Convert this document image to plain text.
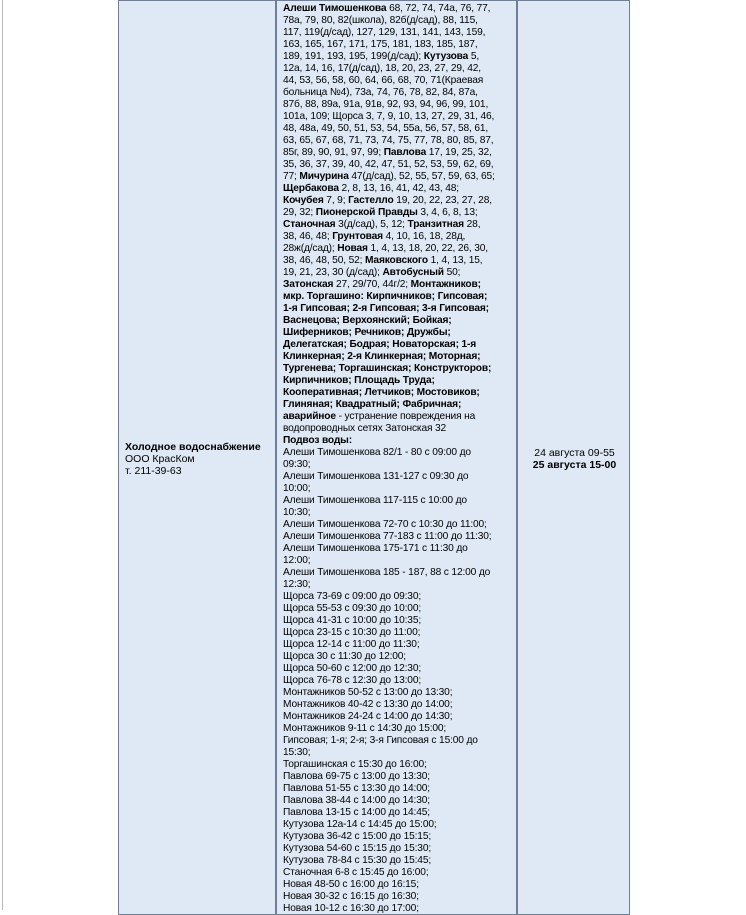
Холодное водоснабжение
ООО КрасКом
т. 211-39-63
Алеши Тимошенкова 68, 72, 74, 74а, 76, 77,
78а, 79, 80, 82(школа), 82б(д/сад), 88, 115,
117, 119(д/сад), 127, 129, 131, 141, 143, 159,
163, 165, 167, 171, 175, 181, 183, 185, 187,
189, 191, 193, 195, 199(д/сад); Кутузова 5,
12а, 14, 16, 17(д/сад), 18, 20, 23, 27, 29, 42,
44, 53, 56, 58, 60, 64, 66, 68, 70, 71(Краевая
больница №4), 73а, 74, 76, 78, 82, 84, 87а,
87б, 88, 89а, 91а, 91в, 92, 93, 94, 96, 99, 101,
101а, 109; Щорса 3, 7, 9, 10, 13, 27, 29, 31, 46,
48, 48а, 49, 50, 51, 53, 54, 55а, 56, 57, 58, 61,
63, 65, 67, 68, 71, 73, 74, 75, 77, 78, 80, 85, 87,
85г, 89, 90, 91, 97, 99; Павлова 17, 19, 25, 32,
35, 36, 37, 39, 40, 42, 47, 51, 52, 53, 59, 62, 69,
77; Мичурина 47(д/сад), 52, 55, 57, 59, 63, 65;
Щербакова 2, 8, 13, 16, 41, 42, 43, 48;
Кочубея 7, 9; Гастелло 19, 20, 22, 23, 27, 28,
29, 32; Пионерской Правды 3, 4, 6, 8, 13;
Станочная 3(д/сад), 5, 12; Транзитная 28,
38, 46, 48; Грунтовая 4, 10, 16, 18, 28д,
28ж(д/сад); Новая 1, 4, 13, 18, 20, 22, 26, 30,
38, 46, 48, 50, 52; Маяковского 1, 4, 13, 15,
19, 21, 23, 30 (д/сад); Автобусный 50;
Затонская 27, 29/70, 44г/2; Монтажников;
мкр. Торгашино: Кирпичников; Гипсовая;
1-я Гипсовая; 2-я Гипсовая; 3-я Гипсовая;
Васнецова; Верхоянский; Бойкая;
Шиферников; Речников; Дружбы;
Делегатская; Бодрая; Новаторская; 1-я
Клинкерная; 2-я Клинкерная; Моторная;
Тургенева; Торгашинская; Конструкторов;
Кирпичников; Площадь Труда;
Кооперативная; Летчиков; Мостовиков;
Глиняная; Квадратный; Фабричная;
аварийное - устранение повреждения на
водопроводных сетях Затонская 32
Подвоз воды:
Алеши Тимошенкова 82/1 - 80 с 09:00 до
09:30;
Алеши Тимошенкова 131-127 с 09:30 до
10:00;
Алеши Тимошенкова 117-115 с 10:00 до
10:30;
Алеши Тимошенкова 72-70 с 10:30 до 11:00;
Алеши Тимошенкова 77-183 с 11:00 до 11:30;
Алеши Тимошенкова 175-171 с 11:30 до
12:00;
Алеши Тимошенкова 185 - 187, 88 с 12:00 до
12:30;
Щорса 73-69 с 09:00 до 09:30;
Щорса 55-53 с 09:30 до 10:00;
Щорса 41-31 с 10:00 до 10:35;
Щорса 23-15 с 10:30 до 11:00;
Щорса 12-14 с 11:00 до 11:30;
Щорса 30 с 11:30 до 12:00;
Щорса 50-60 с 12:00 до 12:30;
Щорса 76-78 с 12:30 до 13:00;
Монтажников 50-52 с 13:00 до 13:30;
Монтажников 40-42 с 13:30 до 14:00;
Монтажников 24-24 с 14:00 до 14:30;
Монтажников 9-11 с 14:30 до 15:00;
Гипсовая; 1-я; 2-я; 3-я Гипсовая с 15:00 до
15:30;
Торгашинская с 15:30 до 16:00;
Павлова 69-75 с 13:00 до 13:30;
Павлова 51-55 с 13:30 до 14:00;
Павлова 38-44 с 14:00 до 14:30;
Павлова 13-15 с 14:00 до 14:45;
Кутузова 12а-14 с 14:45 до 15:00;
Кутузова 36-42 с 15:00 до 15:15;
Кутузова 54-60 с 15:15 до 15:30;
Кутузова 78-84 с 15:30 до 15:45;
Станочная 6-8 с 15:45 до 16:00;
Новая 48-50 с 16:00 до 16:15;
Новая 30-32 с 16:15 до 16:30;
Новая 10-12 с 16:30 до 17:00;
24 августа 09-55
25 августа 15-00
